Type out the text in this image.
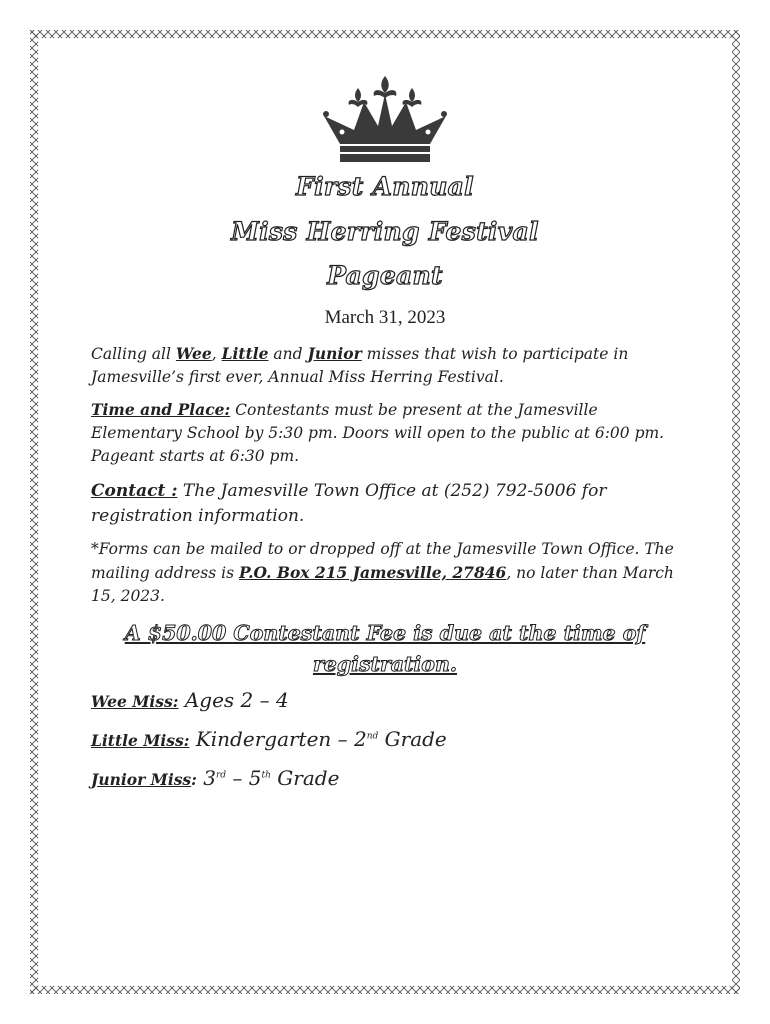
First Annual
Miss Herring Festival
Pageant
March 31, 2023
Calling all Wee, Little and Junior misses that wish to participate in Jamesville’s first ever, Annual Miss Herring Festival.
Time and Place: Contestants must be present at the Jamesville Elementary School by 5:30 pm. Doors will open to the public at 6:00 pm. Pageant starts at 6:30 pm.
Contact : The Jamesville Town Office at (252) 792-5006 for registration information.
*Forms can be mailed to or dropped off at the Jamesville Town Office. The mailing address is P.O. Box 215 Jamesville, 27846, no later than March 15, 2023.
A $50.00 Contestant Fee is due at the time of registration.
Wee Miss: Ages 2 – 4
Little Miss: Kindergarten – 2nd Grade
Junior Miss: 3rd – 5th Grade
